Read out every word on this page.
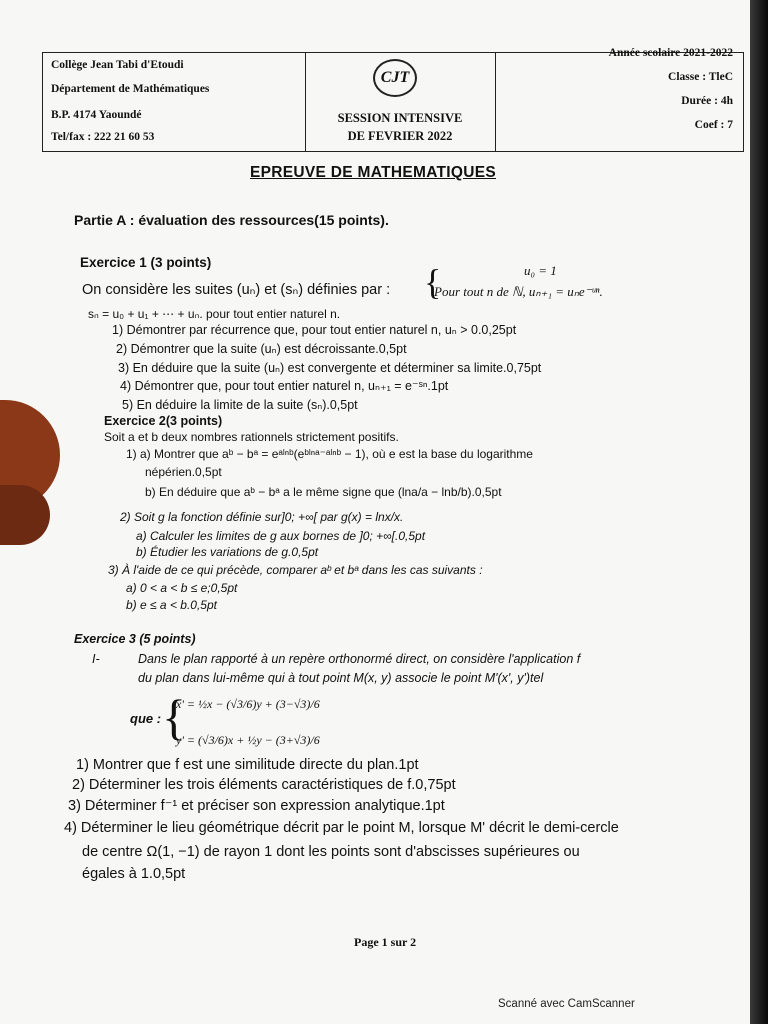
Collège Jean Tabi d'Etoudi
Département de Mathématiques
B.P. 4174 Yaoundé
Tel/fax : 222 21 60 53
CJT
SESSION INTENSIVE
DE FEVRIER 2022
Année scolaire 2021-2022
Classe : TleC
Durée : 4h
Coef : 7
EPREUVE DE MATHEMATIQUES
Partie A : évaluation des ressources(15 points).
Exercice 1 (3 points)
On considère les suites (uₙ) et (sₙ) définies par : {	u₀ = 1
Pour tout n de ℕ, uₙ₊₁ = uₙe⁻ᵘⁿ.
sₙ = u₀ + u₁ + ⋯ + uₙ. pour tout entier naturel n.
1) Démontrer par récurrence que, pour tout entier naturel n, uₙ > 0.0,25pt
2) Démontrer que la suite (uₙ) est décroissante.0,5pt
3) En déduire que la suite (uₙ) est convergente et déterminer sa limite.0,75pt
4) Démontrer que, pour tout entier naturel n, uₙ₊₁ = e⁻ˢⁿ.1pt
5) En déduire la limite de la suite (sₙ).0,5pt
Exercice 2(3 points)
Soit a et b deux nombres rationnels strictement positifs.
1) a) Montrer que aᵇ − bᵃ = eᵃˡⁿᵇ(eᵇˡⁿᵃ⁻ᵃˡⁿᵇ − 1), où e est la base du logarithme
népérien.0,5pt
b) En déduire que aᵇ − bᵃ a le même signe que (lna/a − lnb/b).0,5pt
2) Soit g la fonction définie sur]0; +∞[ par g(x) = lnx/x.
a) Calculer les limites de g aux bornes de ]0; +∞[.0,5pt
b) Étudier les variations de g.0,5pt
3) À l'aide de ce qui précède, comparer aᵇ et bᵃ dans les cas suivants :
a) 0 < a < b ≤ e;0,5pt
b) e ≤ a < b.0,5pt
Exercice 3 (5 points)
I-	Dans le plan rapporté à un repère orthonormé direct, on considère l'application f
du plan dans lui-même qui à tout point M(x, y) associe le point M'(x', y')tel
que : {
x' = ½x − (√3/6)y + (3−√3)/6
y' = (√3/6)x + ½y − (3+√3)/6
1) Montrer que f est une similitude directe du plan.1pt
2) Déterminer les trois éléments caractéristiques de f.0,75pt
3) Déterminer f⁻¹ et préciser son expression analytique.1pt
4) Déterminer le lieu géométrique décrit par le point M, lorsque M' décrit le demi-cercle
de centre Ω(1, −1) de rayon 1 dont les points sont d'abscisses supérieures ou
égales à 1.0,5pt
Page 1 sur 2
Scanné avec CamScanner
